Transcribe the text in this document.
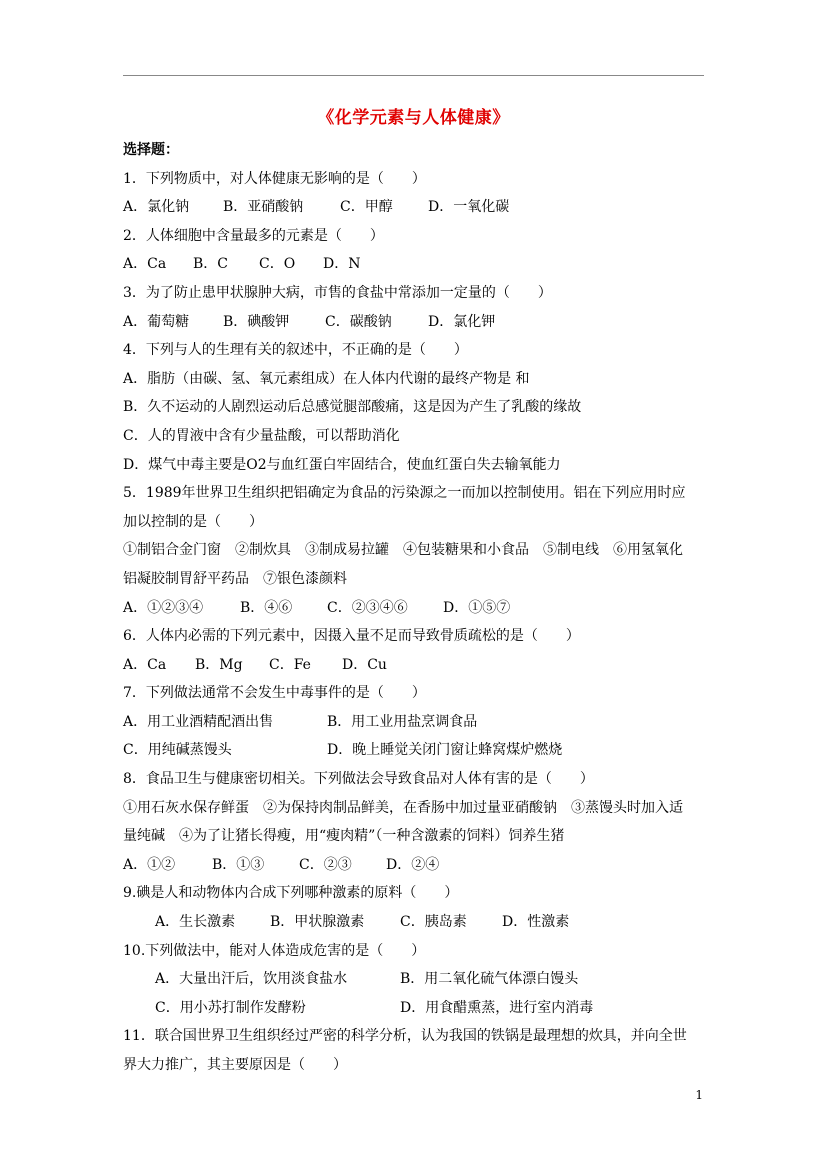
《化学元素与人体健康》
选择题：
1．下列物质中，对人体健康无影响的是（　　）
A．氯化钠 B．亚硝酸钠	C．甲醇	D．一氧化碳
2．人体细胞中含量最多的元素是（　　）
A．Ca B．C C．O D．N
3．为了防止患甲状腺肿大病，市售的食盐中常添加一定量的（　　）
A．葡萄糖 B．碘酸钾	C．碳酸钠	D．氯化钾
4．下列与人的生理有关的叙述中，不正确的是（　　）
A．脂肪（由碳、氢、氧元素组成）在人体内代谢的最终产物是 和
B．久不运动的人剧烈运动后总感觉腿部酸痛，这是因为产生了乳酸的缘故
C．人的胃液中含有少量盐酸，可以帮助消化
D．煤气中毒主要是O2与血红蛋白牢固结合，使血红蛋白失去输氧能力
5．1989年世界卫生组织把铝确定为食品的污染源之一而加以控制使用。铝在下列应用时应
加以控制的是（　　）
①制铝合金门窗　②制炊具　③制成易拉罐　④包装糖果和小食品　⑤制电线　⑥用氢氧化
铝凝胶制胃舒平药品　⑦银色漆颜料
A．①②③④	B．④⑥ C．②③④⑥	D．①⑤⑦
6．人体内必需的下列元素中，因摄入量不足而导致骨质疏松的是（　　）
A．Ca B．Mg C．Fe D．Cu
7．下列做法通常不会发生中毒事件的是（　　）
A．用工业酒精配酒出售	B．用工业用盐烹调食品
C．用纯碱蒸馒头	D．晚上睡觉关闭门窗让蜂窝煤炉燃烧
8．食品卫生与健康密切相关。下列做法会导致食品对人体有害的是（　　）
①用石灰水保存鲜蛋　②为保持肉制品鲜美，在香肠中加过量亚硝酸钠　③蒸馒头时加入适
量纯碱　④为了让猪长得瘦，用“瘦肉精”（一种含激素的饲料）饲养生猪
A．①②	B．①③ C．②③ D．②④
9.碘是人和动物体内合成下列哪种激素的原料（　　）
A．生长激素 B．甲状腺激素	C．胰岛素	D．性激素
10.下列做法中，能对人体造成危害的是（　　）
A．大量出汗后，饮用淡食盐水	B．用二氧化硫气体漂白馒头
C．用小苏打制作发酵粉	D．用食醋熏蒸，进行室内消毒
11．联合国世界卫生组织经过严密的科学分析，认为我国的铁锅是最理想的炊具，并向全世
界大力推广，其主要原因是（　　）
1
